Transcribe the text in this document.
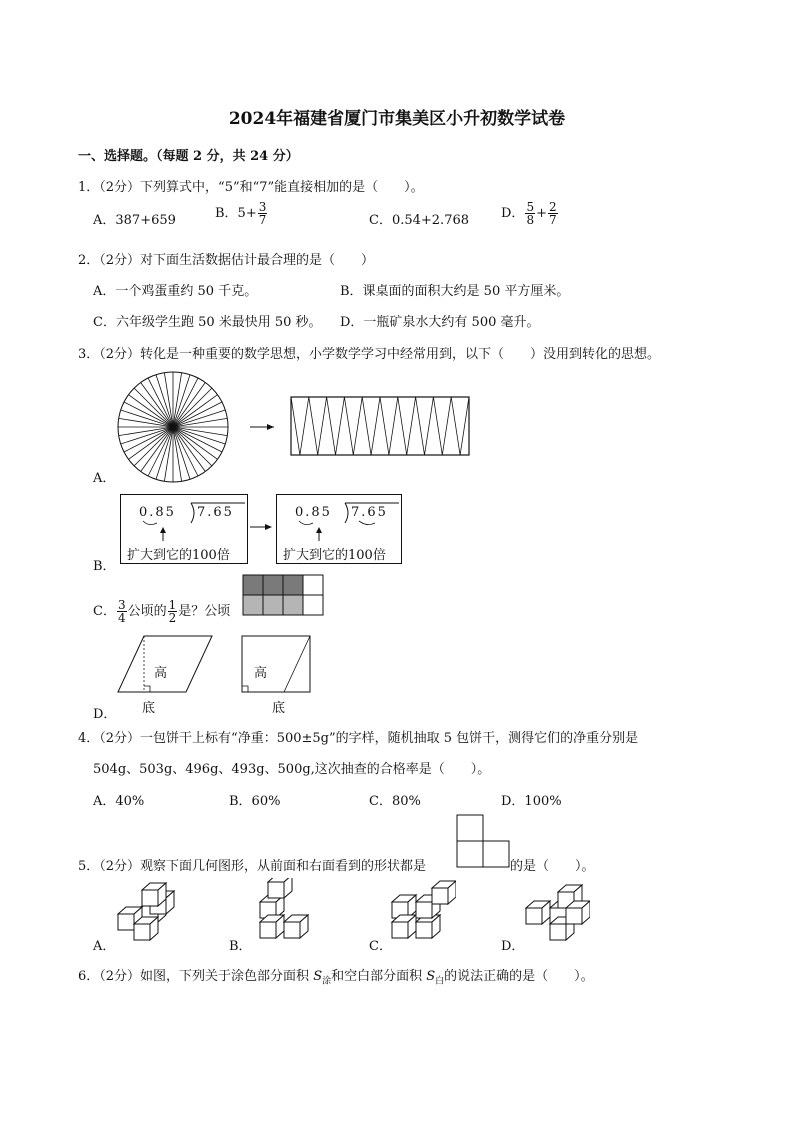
2024年福建省厦门市集美区小升初数学试卷
一、选择题。（每题 2 分，共 24 分）
1．（2分）下列算式中，“5”和“7”能直接相加的是（　　）。
A．387+659	B．$5+ \frac{3}{7}$	C．0.54+2.768 D． $\frac{5}{8} + \frac{2}{7}$
2．（2分）对下面生活数据估计最合理的是（　　）
A．一个鸡蛋重约 50 千克。	B．课桌面的面积大约是 50 平方厘米。
C．六年级学生跑 50 米最快用 50 秒。 D．一瓶矿泉水大约有 500 毫升。
3．（2分）转化是一种重要的数学思想，小学数学学习中经常用到，以下（　　）没用到转化的思想。
A．
0.85 7.65
扩大到它的100倍
0.85 7.65
扩大到它的100倍
B．
C． $\frac{3}{4}$ 公顷的 $\frac{1}{2}$ 是？公顷
高	高
底	底
D．
4．（2分）一包饼干上标有“净重：500±5g”的字样，随机抽取 5 包饼干，测得它们的净重分别是
504g、503g、496g、493g、500g,这次抽查的合格率是（　　）。
A．40%	B．60%	C．80%	D．100%
5．（2分）观察下面几何图形，从前面和右面看到的形状都是	的是（　　）。
A．	B．	C．	D．
6．（2分）如图，下列关于涂色部分面积 $S_涂$和空白部分面积 $S_白$的说法正确的是（　　）。
